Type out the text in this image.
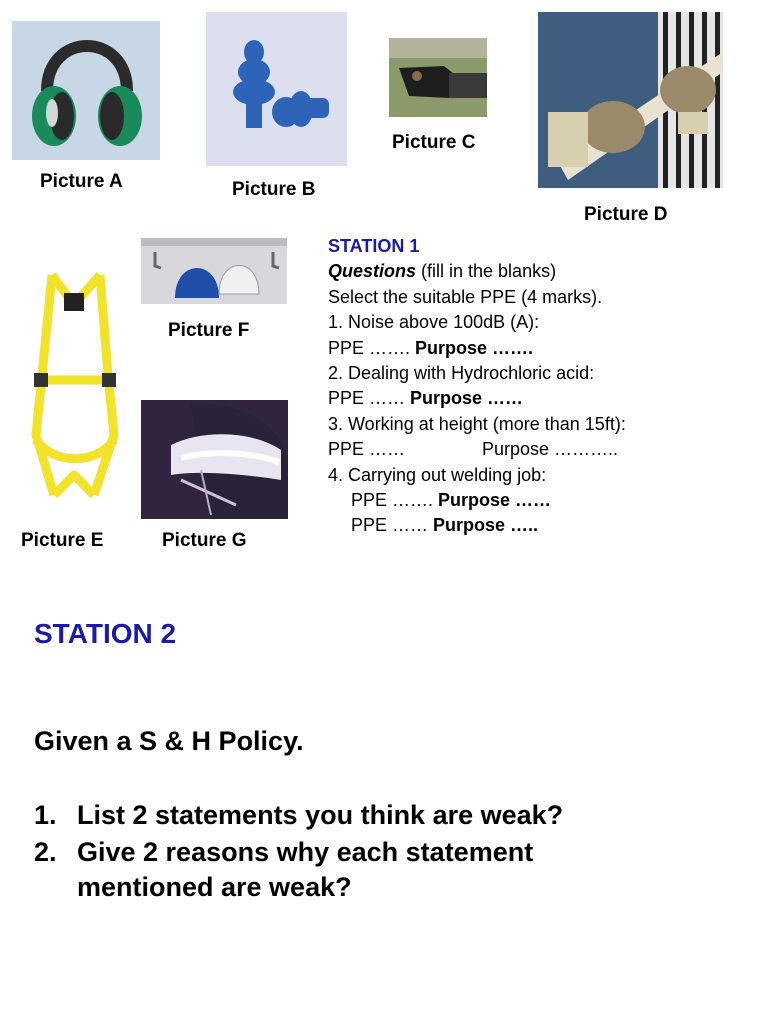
Picture A	Picture B
Picture C
Picture D
Picture F
Picture E	Picture G
STATION 1
Questions (fill in the blanks)
Select the suitable PPE (4 marks).
1. Noise above 100dB (A):
PPE ……. Purpose …….
2. Dealing with Hydrochloric acid:
PPE …… Purpose ……
3. Working at height (more than 15ft):
PPE ……	Purpose ………..
4. Carrying out welding job:
PPE ……. Purpose ……
PPE …… Purpose …..
STATION 2
Given a S & H Policy.
1. List 2 statements you think are weak?
2. Give 2 reasons why each statement mentioned are weak?
